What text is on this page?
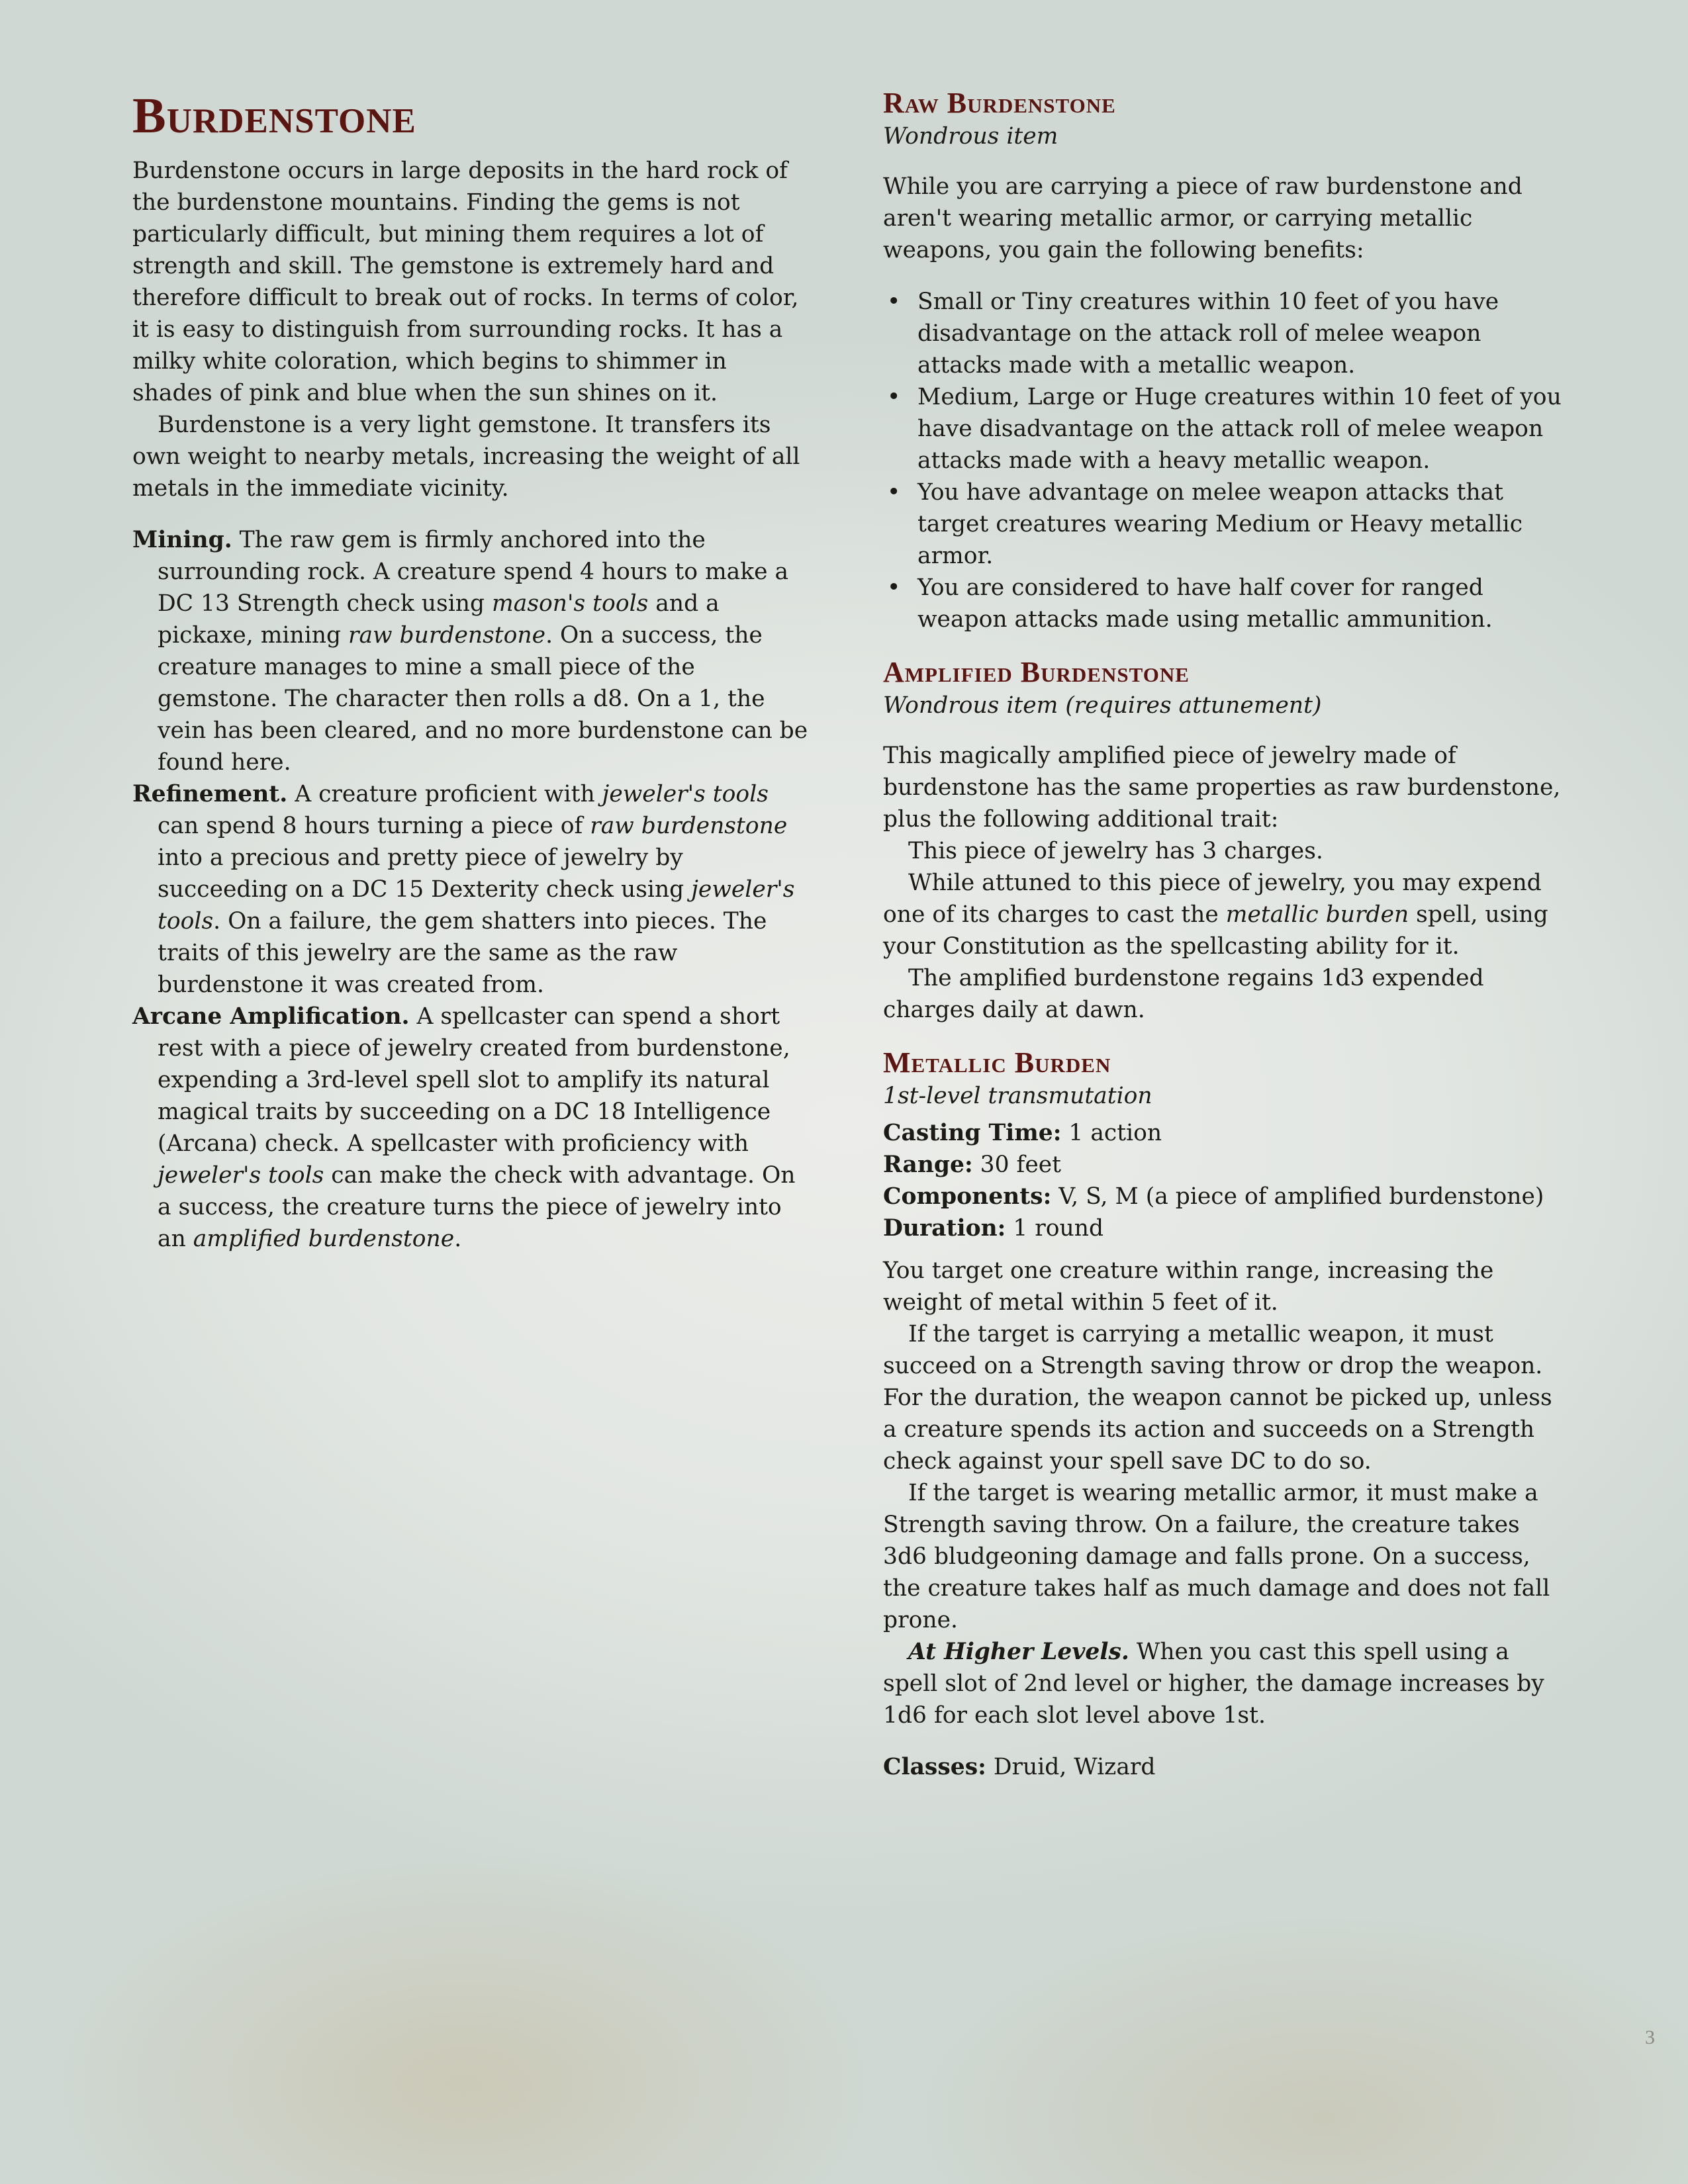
Burdenstone

Burdenstone occurs in large deposits in the hard rock of the burdenstone mountains. Finding the gems is not particularly difficult, but mining them requires a lot of strength and skill. The gemstone is extremely hard and therefore difficult to break out of rocks. In terms of color, it is easy to distinguish from surrounding rocks. It has a milky white coloration, which begins to shimmer in shades of pink and blue when the sun shines on it.

Burdenstone is a very light gemstone. It transfers its own weight to nearby metals, increasing the weight of all metals in the immediate vicinity.

Mining. The raw gem is firmly anchored into the surrounding rock. A creature spend 4 hours to make a DC 13 Strength check using mason's tools and a pickaxe, mining raw burdenstone. On a success, the creature manages to mine a small piece of the gemstone. The character then rolls a d8. On a 1, the vein has been cleared, and no more burdenstone can be found here.

Refinement. A creature proficient with jeweler's tools can spend 8 hours turning a piece of raw burdenstone into a precious and pretty piece of jewelry by succeeding on a DC 15 Dexterity check using jeweler's tools. On a failure, the gem shatters into pieces. The traits of this jewelry are the same as the raw burdenstone it was created from.

Arcane Amplification. A spellcaster can spend a short rest with a piece of jewelry created from burdenstone, expending a 3rd-level spell slot to amplify its natural magical traits by succeeding on a DC 18 Intelligence (Arcana) check. A spellcaster with proficiency with jeweler's tools can make the check with advantage. On a success, the creature turns the piece of jewelry into an amplified burdenstone.

Raw Burdenstone

Wondrous item

While you are carrying a piece of raw burdenstone and aren't wearing metallic armor, or carrying metallic weapons, you gain the following benefits:

• Small or Tiny creatures within 10 feet of you have disadvantage on the attack roll of melee weapon attacks made with a metallic weapon.
• Medium, Large or Huge creatures within 10 feet of you have disadvantage on the attack roll of melee weapon attacks made with a heavy metallic weapon.
• You have advantage on melee weapon attacks that target creatures wearing Medium or Heavy metallic armor.
• You are considered to have half cover for ranged weapon attacks made using metallic ammunition.
Amplified Burdenstone

Wondrous item (requires attunement)

This magically amplified piece of jewelry made of burdenstone has the same properties as raw burdenstone, plus the following additional trait:

This piece of jewelry has 3 charges.

While attuned to this piece of jewelry, you may expend one of its charges to cast the metallic burden spell, using your Constitution as the spellcasting ability for it.

The amplified burdenstone regains 1d3 expended charges daily at dawn.

Metallic Burden

1st-level transmutation

Casting Time: 1 action

Range: 30 feet

Components: V, S, M (a piece of amplified burdenstone)

Duration: 1 round

You target one creature within range, increasing the weight of metal within 5 feet of it.

If the target is carrying a metallic weapon, it must succeed on a Strength saving throw or drop the weapon. For the duration, the weapon cannot be picked up, unless a creature spends its action and succeeds on a Strength check against your spell save DC to do so.

If the target is wearing metallic armor, it must make a Strength saving throw. On a failure, the creature takes 3d6 bludgeoning damage and falls prone. On a success, the creature takes half as much damage and does not fall prone.

At Higher Levels. When you cast this spell using a spell slot of 2nd level or higher, the damage increases by 1d6 for each slot level above 1st.

Classes: Druid, Wizard

3
